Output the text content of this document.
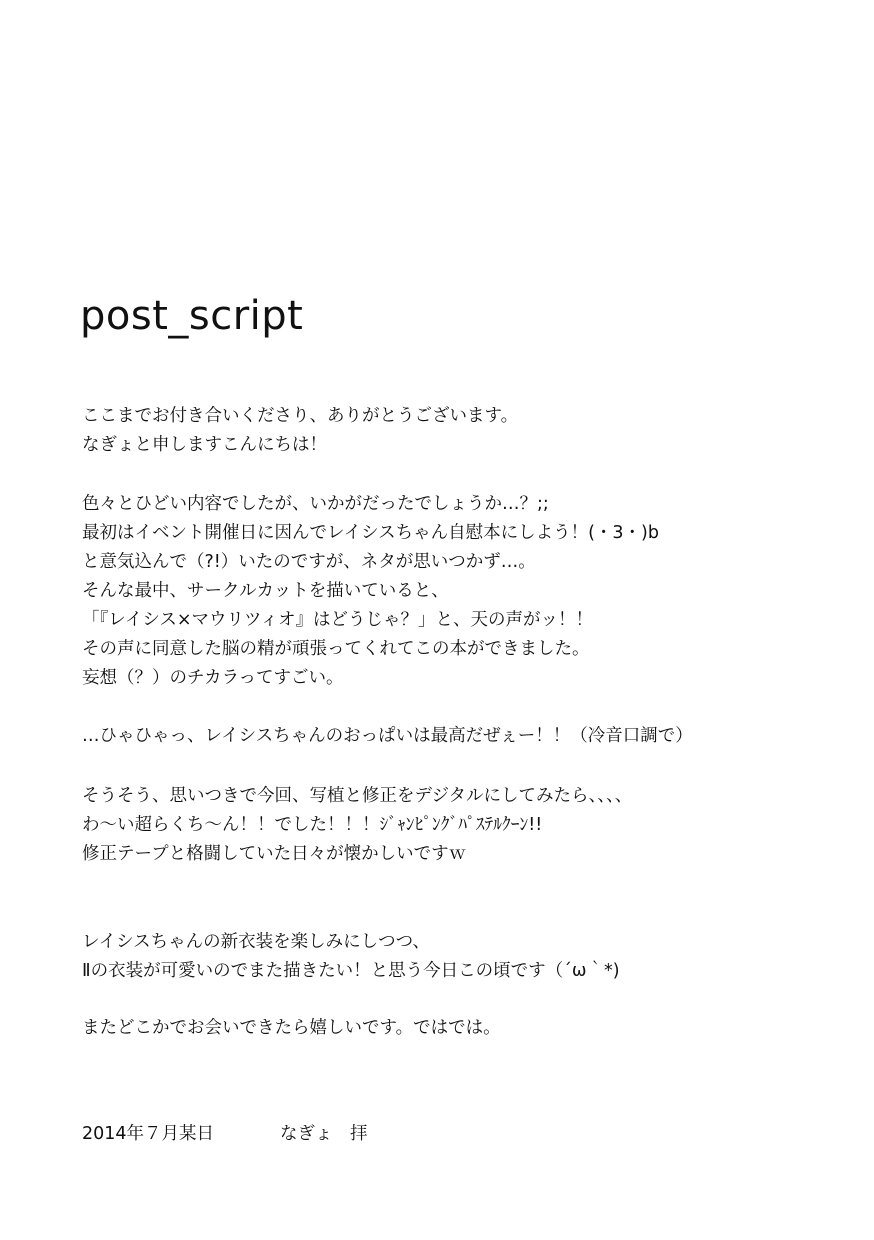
post_script
ここまでお付き合いくださり、ありがとうございます。
なぎょと申しますこんにちは！
色々とひどい内容でしたが、いかがだったでしょうか…？;;
最初はイベント開催日に因んでレイシスちゃん自慰本にしよう！(・3・)b
と意気込んで（?!）いたのですが、ネタが思いつかず…。
そんな最中、サークルカットを描いていると、
「『レイシス×マウリツィオ』はどうじゃ？」と、天の声がッ！！
その声に同意した脳の精が頑張ってくれてこの本ができました。
妄想（？）のチカラってすごい。
…ひゃひゃっ、レイシスちゃんのおっぱいは最高だぜぇー！！（冷音口調で）
そうそう、思いつきで今回、写植と修正をデジタルにしてみたら、、、、
わ～い超らくち～ん！！でした！！！ｼﾞｬﾝﾋﾟﾝｸﾞﾊﾟｽﾃﾙｸｰﾝ!!
修正テープと格闘していた日々が懐かしいですｗ
レイシスちゃんの新衣装を楽しみにしつつ、
Ⅱの衣装が可愛いのでまた描きたい！と思う今日この頃です（´ω｀*)
またどこかでお会いできたら嬉しいです。ではでは。
2014年７月某日	なぎょ　拝
